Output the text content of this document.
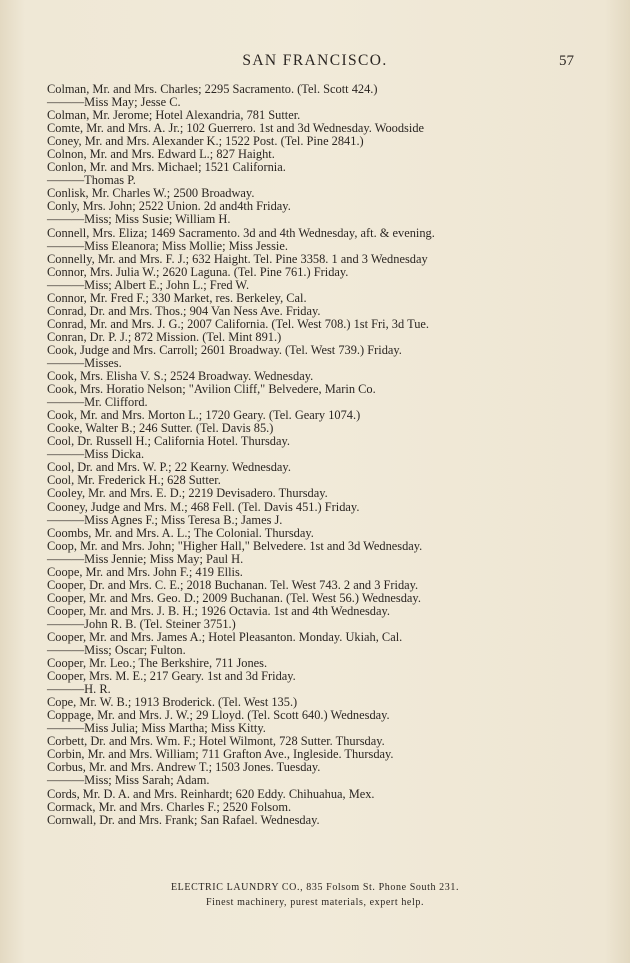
SAN FRANCISCO.	57
Colman, Mr. and Mrs. Charles; 2295 Sacramento. (Tel. Scott 424.)
———Miss May; Jesse C.
Colman, Mr. Jerome; Hotel Alexandria, 781 Sutter.
Comte, Mr. and Mrs. A. Jr.; 102 Guerrero. 1st and 3d Wednesday. Woodside
Coney, Mr. and Mrs. Alexander K.; 1522 Post. (Tel. Pine 2841.)
Colnon, Mr. and Mrs. Edward L.; 827 Haight.
Conlon, Mr. and Mrs. Michael; 1521 California.
———Thomas P.
Conlisk, Mr. Charles W.; 2500 Broadway.
Conly, Mrs. John; 2522 Union. 2d and4th Friday.
———Miss; Miss Susie; William H.
Connell, Mrs. Eliza; 1469 Sacramento. 3d and 4th Wednesday, aft. & evening.
———Miss Eleanora; Miss Mollie; Miss Jessie.
Connelly, Mr. and Mrs. F. J.; 632 Haight. Tel. Pine 3358. 1 and 3 Wednesday
Connor, Mrs. Julia W.; 2620 Laguna. (Tel. Pine 761.) Friday.
———Miss; Albert E.; John L.; Fred W.
Connor, Mr. Fred F.; 330 Market, res. Berkeley, Cal.
Conrad, Dr. and Mrs. Thos.; 904 Van Ness Ave. Friday.
Conrad, Mr. and Mrs. J. G.; 2007 California. (Tel. West 708.) 1st Fri, 3d Tue.
Conran, Dr. P. J.; 872 Mission. (Tel. Mint 891.)
Cook, Judge and Mrs. Carroll; 2601 Broadway. (Tel. West 739.) Friday.
———Misses.
Cook, Mrs. Elisha V. S.; 2524 Broadway. Wednesday.
Cook, Mrs. Horatio Nelson; "Avilion Cliff," Belvedere, Marin Co.
———Mr. Clifford.
Cook, Mr. and Mrs. Morton L.; 1720 Geary. (Tel. Geary 1074.)
Cooke, Walter B.; 246 Sutter. (Tel. Davis 85.)
Cool, Dr. Russell H.; California Hotel. Thursday.
———Miss Dicka.
Cool, Dr. and Mrs. W. P.; 22 Kearny. Wednesday.
Cool, Mr. Frederick H.; 628 Sutter.
Cooley, Mr. and Mrs. E. D.; 2219 Devisadero. Thursday.
Cooney, Judge and Mrs. M.; 468 Fell. (Tel. Davis 451.) Friday.
———Miss Agnes F.; Miss Teresa B.; James J.
Coombs, Mr. and Mrs. A. L.; The Colonial. Thursday.
Coop, Mr. and Mrs. John; "Higher Hall," Belvedere. 1st and 3d Wednesday.
———Miss Jennie; Miss May; Paul H.
Coope, Mr. and Mrs. John F.; 419 Ellis.
Cooper, Dr. and Mrs. C. E.; 2018 Buchanan. Tel. West 743. 2 and 3 Friday.
Cooper, Mr. and Mrs. Geo. D.; 2009 Buchanan. (Tel. West 56.) Wednesday.
Cooper, Mr. and Mrs. J. B. H.; 1926 Octavia. 1st and 4th Wednesday.
———John R. B. (Tel. Steiner 3751.)
Cooper, Mr. and Mrs. James A.; Hotel Pleasanton. Monday. Ukiah, Cal.
———Miss; Oscar; Fulton.
Cooper, Mr. Leo.; The Berkshire, 711 Jones.
Cooper, Mrs. M. E.; 217 Geary. 1st and 3d Friday.
———H. R.
Cope, Mr. W. B.; 1913 Broderick. (Tel. West 135.)
Coppage, Mr. and Mrs. J. W.; 29 Lloyd. (Tel. Scott 640.) Wednesday.
———Miss Julia; Miss Martha; Miss Kitty.
Corbett, Dr. and Mrs. Wm. F.; Hotel Wilmont, 728 Sutter. Thursday.
Corbin, Mr. and Mrs. William; 711 Grafton Ave., Ingleside. Thursday.
Corbus, Mr. and Mrs. Andrew T.; 1503 Jones. Tuesday.
———Miss; Miss Sarah; Adam.
Cords, Mr. D. A. and Mrs. Reinhardt; 620 Eddy. Chihuahua, Mex.
Cormack, Mr. and Mrs. Charles F.; 2520 Folsom.
Cornwall, Dr. and Mrs. Frank; San Rafael. Wednesday.
ELECTRIC LAUNDRY CO., 835 Folsom St. Phone South 231.
Finest machinery, purest materials, expert help.
